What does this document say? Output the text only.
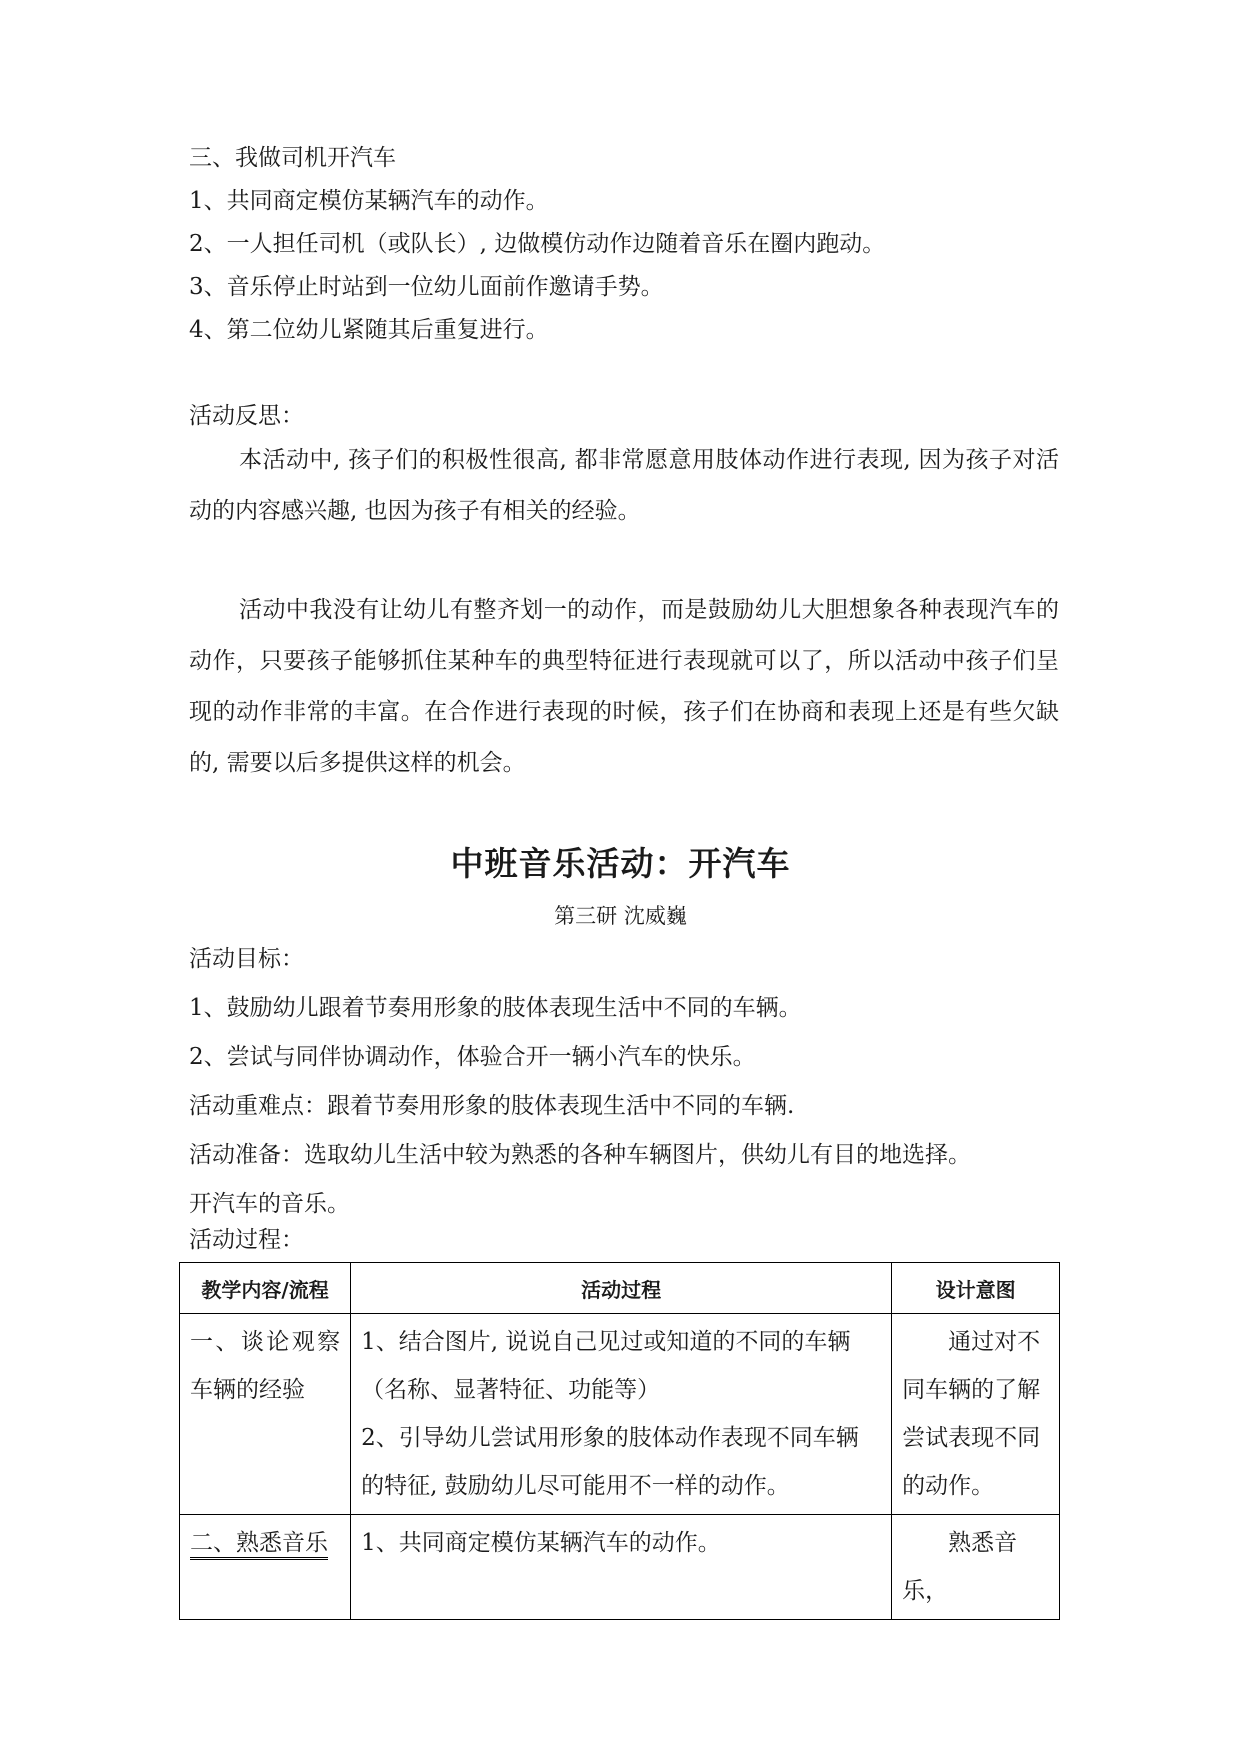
三、我做司机开汽车
1、共同商定模仿某辆汽车的动作。
2、一人担任司机（或队长）, 边做模仿动作边随着音乐在圈内跑动。
3、音乐停止时站到一位幼儿面前作邀请手势。
4、第二位幼儿紧随其后重复进行。
活动反思：
本活动中, 孩子们的积极性很高, 都非常愿意用肢体动作进行表现, 因为孩子对活动的内容感兴趣, 也因为孩子有相关的经验。
活动中我没有让幼儿有整齐划一的动作，而是鼓励幼儿大胆想象各种表现汽车的动作，只要孩子能够抓住某种车的典型特征进行表现就可以了，所以活动中孩子们呈现的动作非常的丰富。在合作进行表现的时候，孩子们在协商和表现上还是有些欠缺的, 需要以后多提供这样的机会。
中班音乐活动：开汽车
第三研 沈威巍
活动目标：
1、鼓励幼儿跟着节奏用形象的肢体表现生活中不同的车辆。
2、尝试与同伴协调动作，体验合开一辆小汽车的快乐。
活动重难点：跟着节奏用形象的肢体表现生活中不同的车辆.
活动准备：选取幼儿生活中较为熟悉的各种车辆图片，供幼儿有目的地选择。
开汽车的音乐。
活动过程：
教学内容/流程	活动过程	设计意图
一、谈论观察车辆的经验	1、结合图片, 说说自己见过或知道的不同的车辆（名称、显著特征、功能等）
2、引导幼儿尝试用形象的肢体动作表现不同车辆的特征, 鼓励幼儿尽可能用不一样的动作。	通过对不同车辆的了解尝试表现不同的动作。

二、熟悉音乐	1、共同商定模仿某辆汽车的动作。	熟悉音乐，
